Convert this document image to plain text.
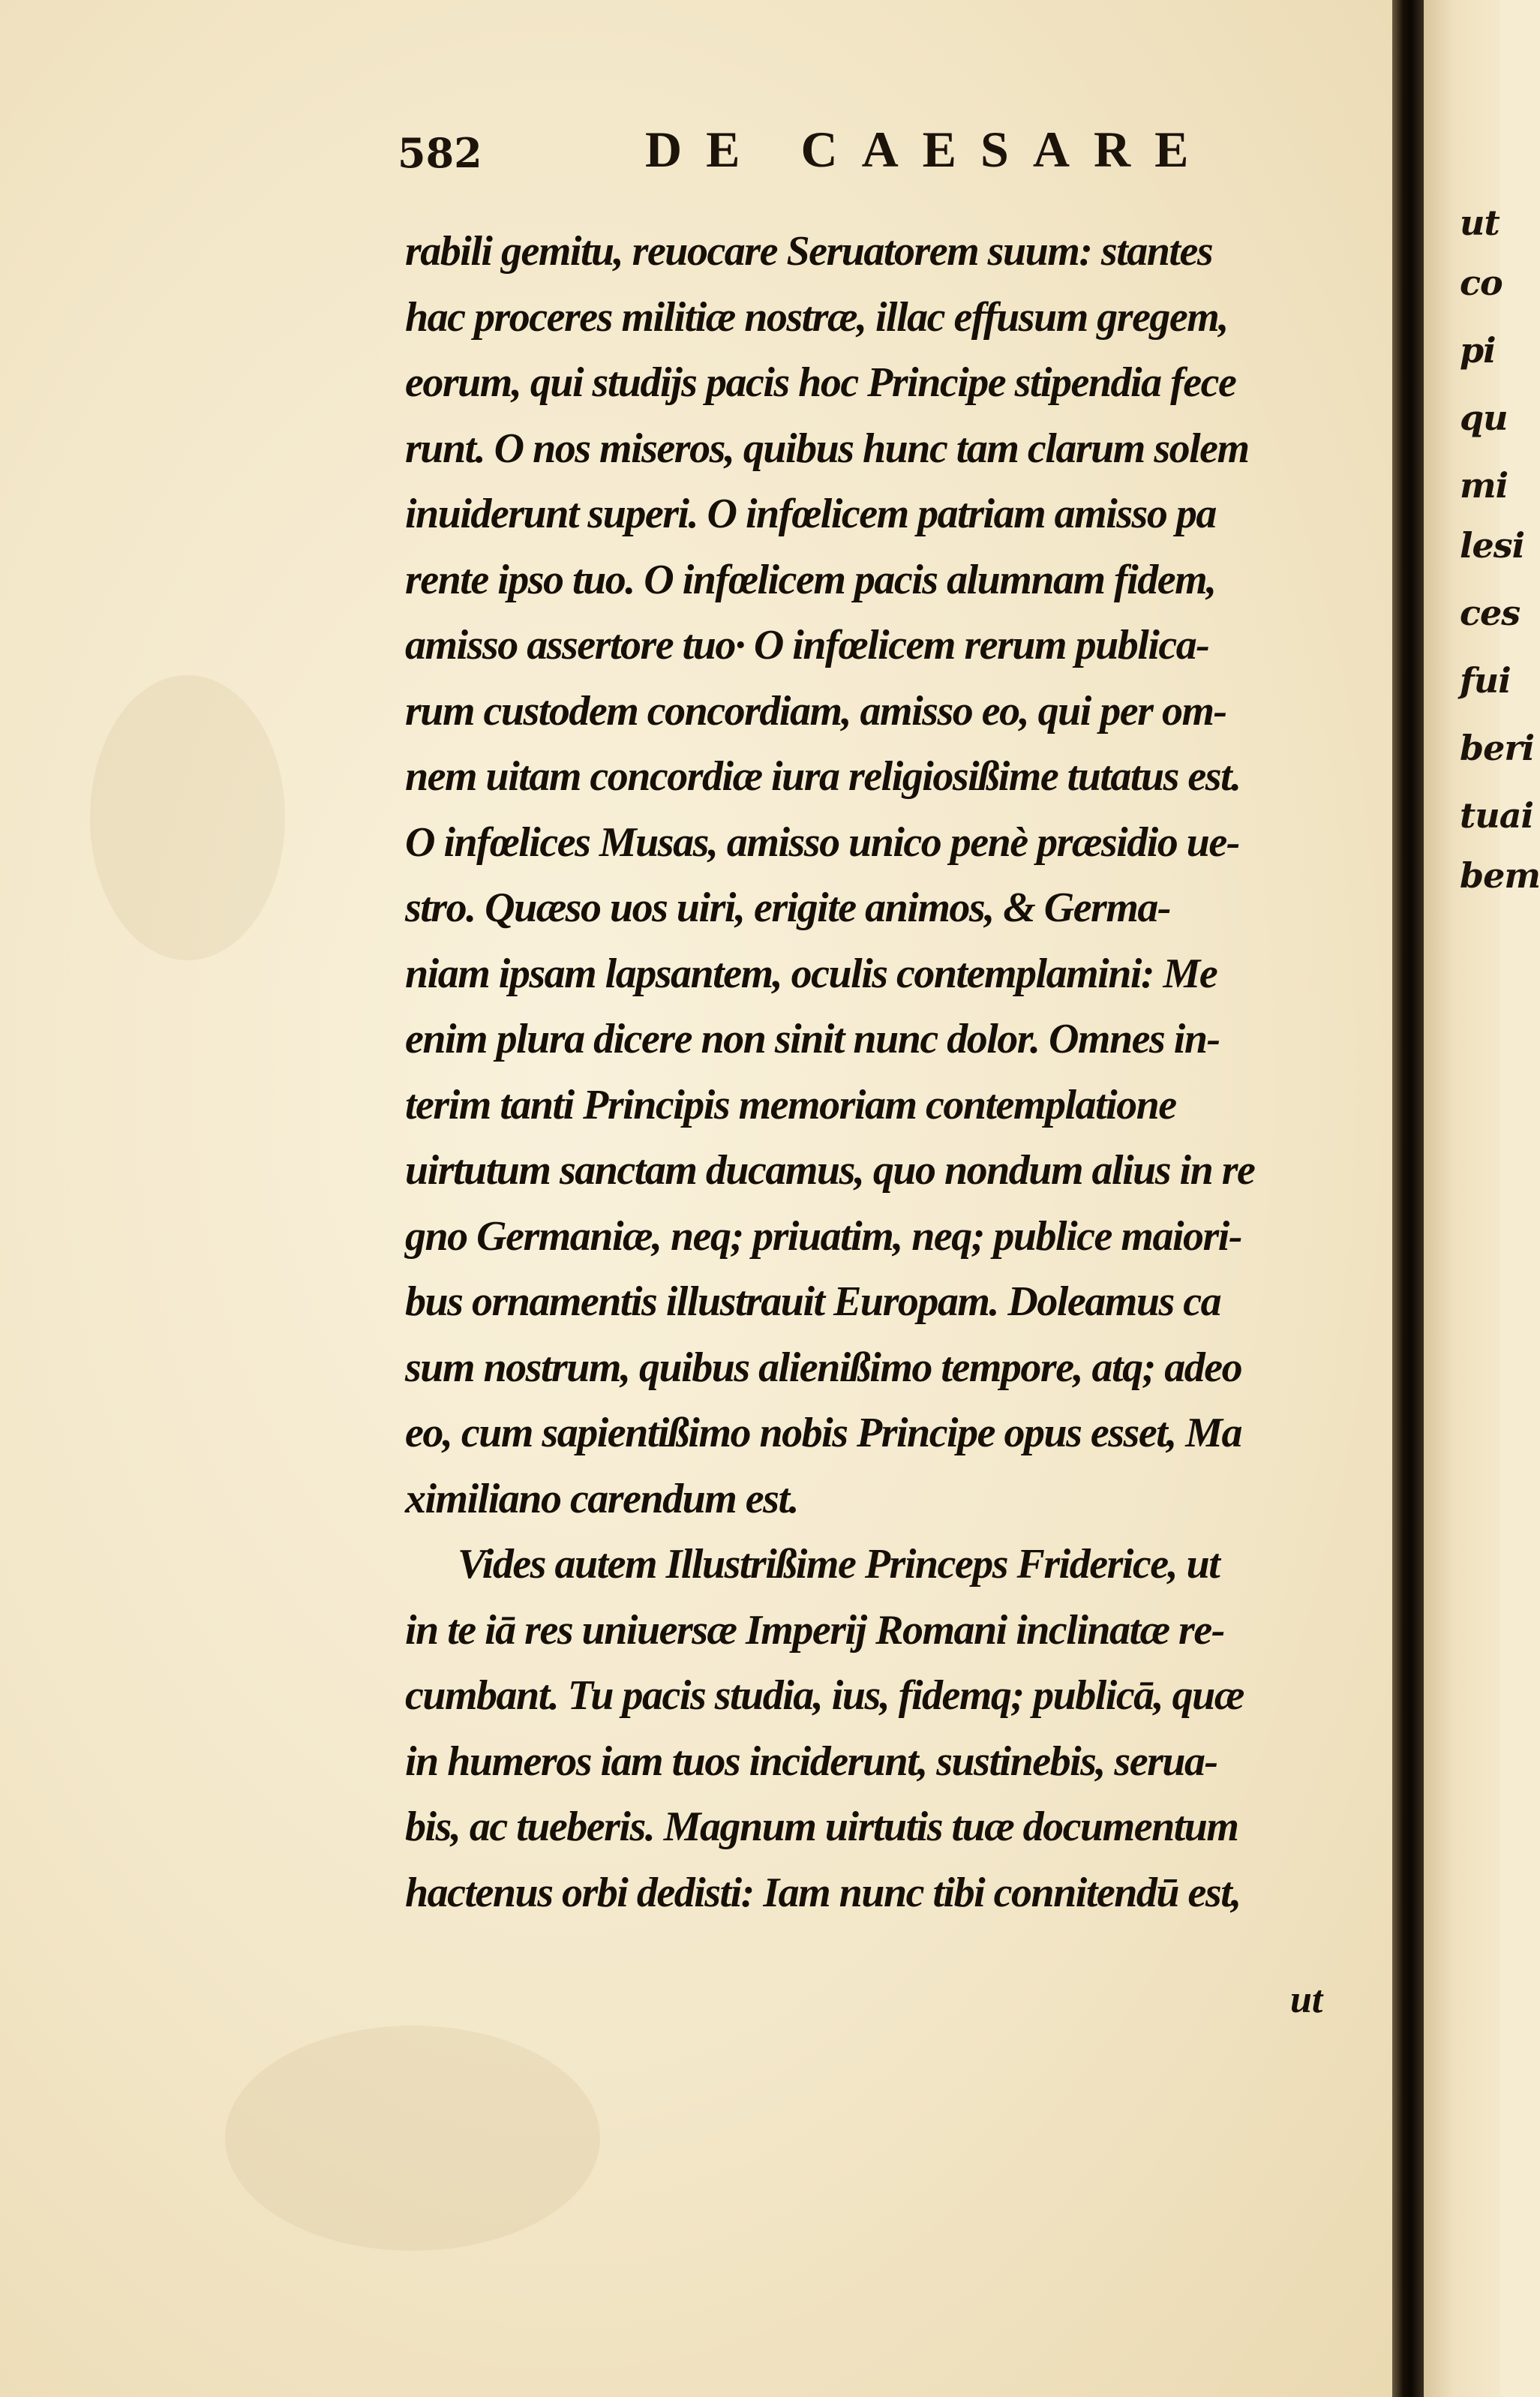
582	DE CAESARE
rabili gemitu, reuocare Seruatorem suum: stantes
hac proceres militiæ nostræ, illac effusum gregem,
eorum, qui studijs pacis hoc Principe stipendia fece
runt. O nos miseros, quibus hunc tam clarum solem
inuiderunt superi. O infœlicem patriam amisso pa
rente ipso tuo. O infœlicem pacis alumnam fidem,
amisso assertore tuo· O infœlicem rerum publica-
rum custodem concordiam, amisso eo, qui per om-
nem uitam concordiæ iura religiosißime tutatus est.
O infœlices Musas, amisso unico penè præsidio ue-
stro. Quæso uos uiri, erigite animos, & Germa-
niam ipsam lapsantem, oculis contemplamini: Me
enim plura dicere non sinit nunc dolor. Omnes in-
terim tanti Principis memoriam contemplatione
uirtutum sanctam ducamus, quo nondum alius in re
gno Germaniæ, neq; priuatim, neq; publice maiori-
bus ornamentis illustrauit Europam. Doleamus ca
sum nostrum, quibus alienißimo tempore, atq; adeo
eo, cum sapientißimo nobis Principe opus esset, Ma
ximiliano carendum est.
Vides autem Illustrißime Princeps Friderice, ut
in te iā res uniuersæ Imperij Romani inclinatæ re-
cumbant. Tu pacis studia, ius, fidemq; publicā, quæ
in humeros iam tuos inciderunt, sustinebis, serua-
bis, ac tueberis. Magnum uirtutis tuæ documentum
hactenus orbi dedisti: Iam nunc tibi connitendū est,
ut
ut
co
pi
qu
mi
lesi
ces
fui
beri
tuai
bem
